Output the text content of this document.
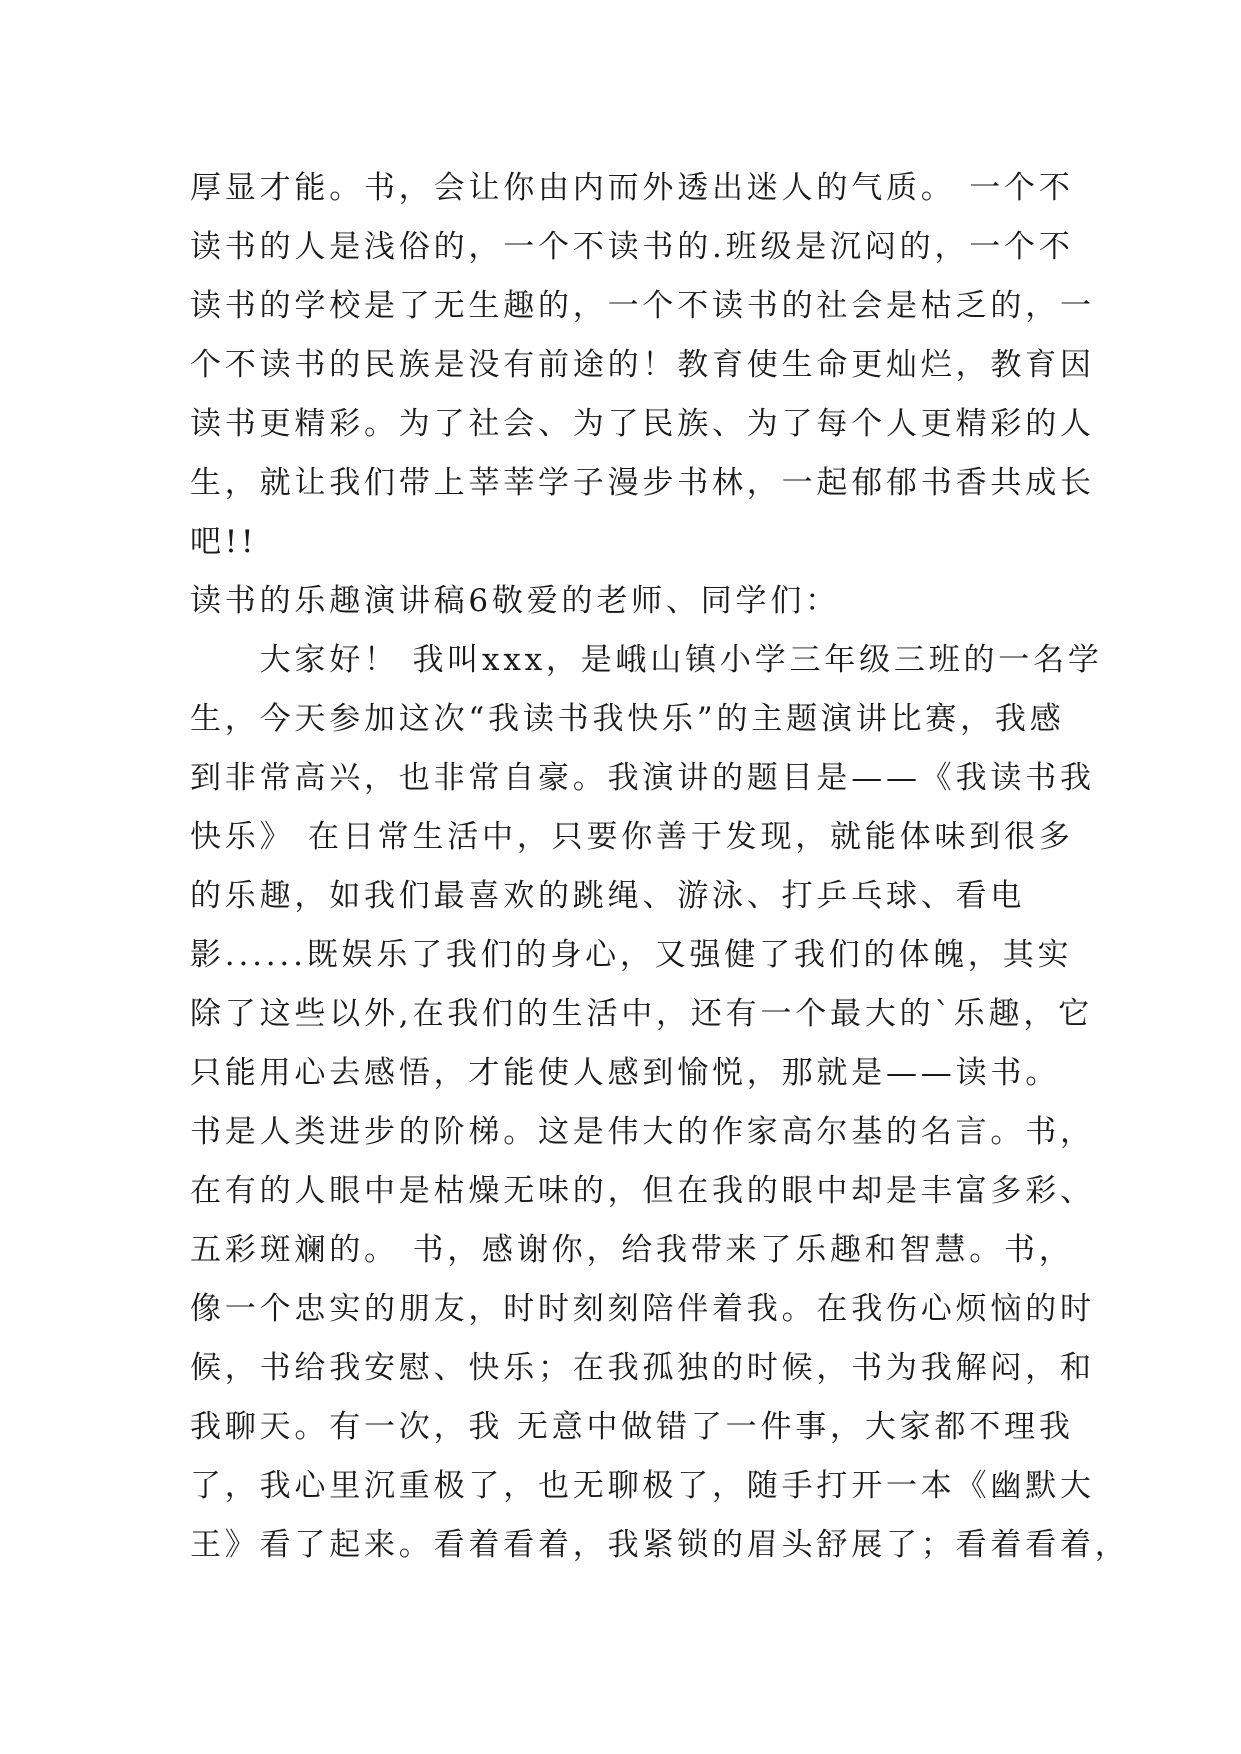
厚显才能。书，会让你由内而外透出迷人的气质。 一个不
读书的人是浅俗的，一个不读书的.班级是沉闷的，一个不
读书的学校是了无生趣的，一个不读书的社会是枯乏的，一
个不读书的民族是没有前途的！教育使生命更灿烂，教育因
读书更精彩。为了社会、为了民族、为了每个人更精彩的人
生，就让我们带上莘莘学子漫步书林，一起郁郁书香共成长
吧!!
读书的乐趣演讲稿6敬爱的老师、同学们：
　　大家好！ 我叫xxx，是峨山镇小学三年级三班的一名学
生，今天参加这次“我读书我快乐”的主题演讲比赛，我感
到非常高兴，也非常自豪。我演讲的题目是——《我读书我
快乐》 在日常生活中，只要你善于发现，就能体味到很多
的乐趣，如我们最喜欢的跳绳、游泳、打乒乓球、看电
影......既娱乐了我们的身心，又强健了我们的体魄，其实
除了这些以外,在我们的生活中，还有一个最大的`乐趣，它
只能用心去感悟，才能使人感到愉悦，那就是——读书。
书是人类进步的阶梯。这是伟大的作家高尔基的名言。书，
在有的人眼中是枯燥无味的，但在我的眼中却是丰富多彩、
五彩斑斓的。 书，感谢你，给我带来了乐趣和智慧。书，
像一个忠实的朋友，时时刻刻陪伴着我。在我伤心烦恼的时
候，书给我安慰、快乐；在我孤独的时候，书为我解闷，和
我聊天。有一次，我 无意中做错了一件事，大家都不理我
了，我心里沉重极了，也无聊极了，随手打开一本《幽默大
王》看了起来。看着看着，我紧锁的眉头舒展了；看着看着，
